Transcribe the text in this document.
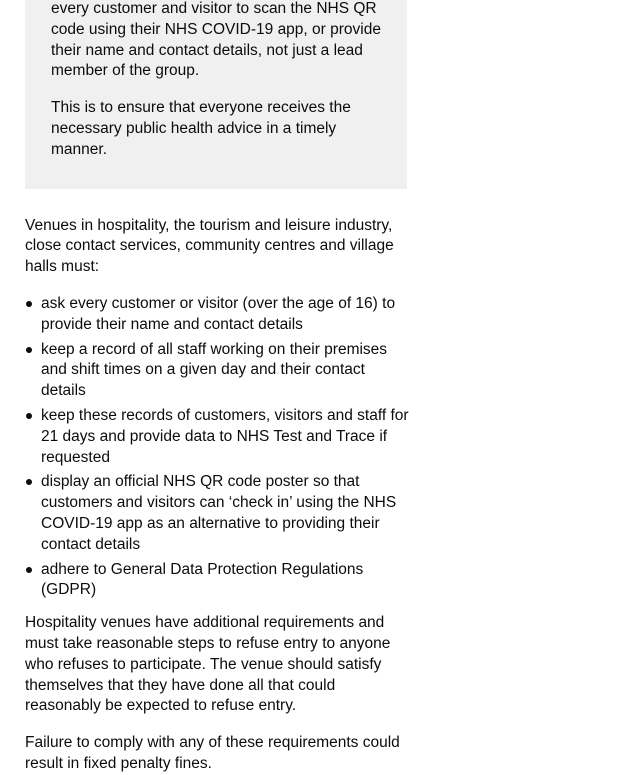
every customer and visitor to scan the NHS QR code using their NHS COVID-19 app, or provide their name and contact details, not just a lead member of the group.

This is to ensure that everyone receives the necessary public health advice in a timely manner.

Venues in hospitality, the tourism and leisure industry, close contact services, community centres and village halls must:

ask every customer or visitor (over the age of 16) to provide their name and contact details
keep a record of all staff working on their premises and shift times on a given day and their contact details
keep these records of customers, visitors and staff for 21 days and provide data to NHS Test and Trace if requested
display an official NHS QR code poster so that customers and visitors can ‘check in’ using the NHS COVID-19 app as an alternative to providing their contact details
adhere to General Data Protection Regulations (GDPR)

Hospitality venues have additional requirements and must take reasonable steps to refuse entry to anyone who refuses to participate. The venue should satisfy themselves that they have done all that could reasonably be expected to refuse entry.

Failure to comply with any of these requirements could result in fixed penalty fines.
